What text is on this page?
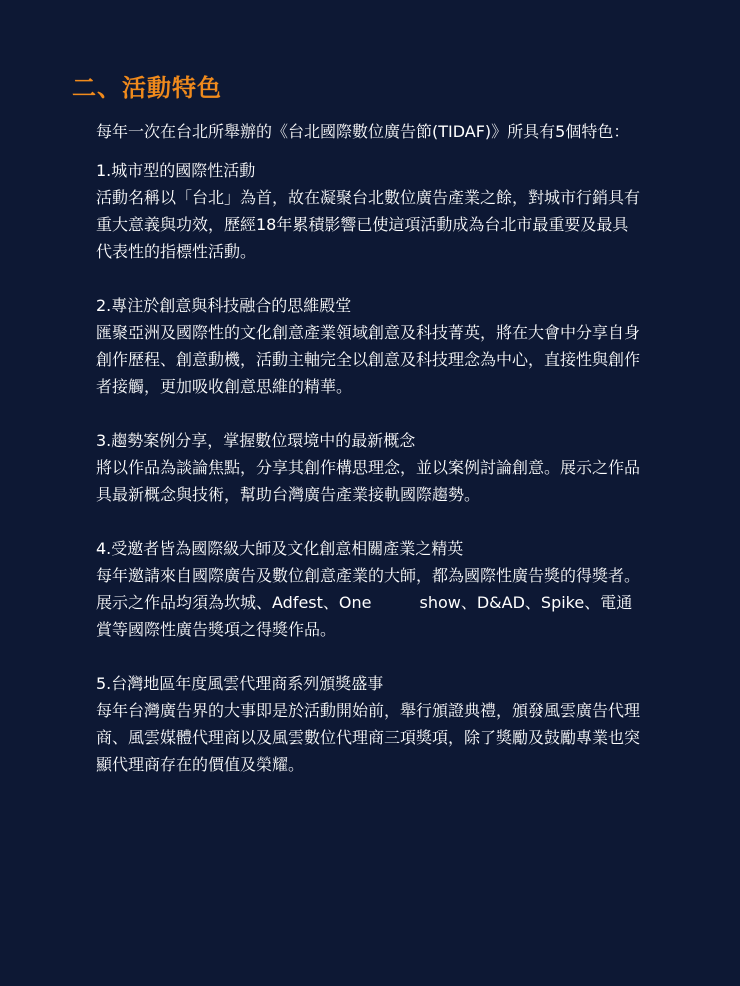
二、活動特色

每年一次在台北所舉辦的《台北國際數位廣告節(TIDAF)》所具有5個特色：

1.城市型的國際性活動

活動名稱以「台北」為首，故在凝聚台北數位廣告產業之餘，對城市行銷具有重大意義與功效，歷經18年累積影響已使這項活動成為台北市最重要及最具代表性的指標性活動。

2.專注於創意與科技融合的思維殿堂

匯聚亞洲及國際性的文化創意產業領域創意及科技菁英，將在大會中分享自身創作歷程、創意動機，活動主軸完全以創意及科技理念為中心，直接性與創作者接觸，更加吸收創意思維的精華。

3.趨勢案例分享，掌握數位環境中的最新概念

將以作品為談論焦點，分享其創作構思理念，並以案例討論創意。展示之作品具最新概念與技術，幫助台灣廣告產業接軌國際趨勢。

4.受邀者皆為國際級大師及文化創意相關產業之精英

每年邀請來自國際廣告及數位創意產業的大師，都為國際性廣告獎的得獎者。展示之作品均須為坎城、Adfest、One	show、D&AD、Spike、電通賞等國際性廣告獎項之得獎作品。

5.台灣地區年度風雲代理商系列頒獎盛事

每年台灣廣告界的大事即是於活動開始前，舉行頒證典禮，頒發風雲廣告代理商、風雲媒體代理商以及風雲數位代理商三項獎項，除了獎勵及鼓勵專業也突顯代理商存在的價值及榮耀。
